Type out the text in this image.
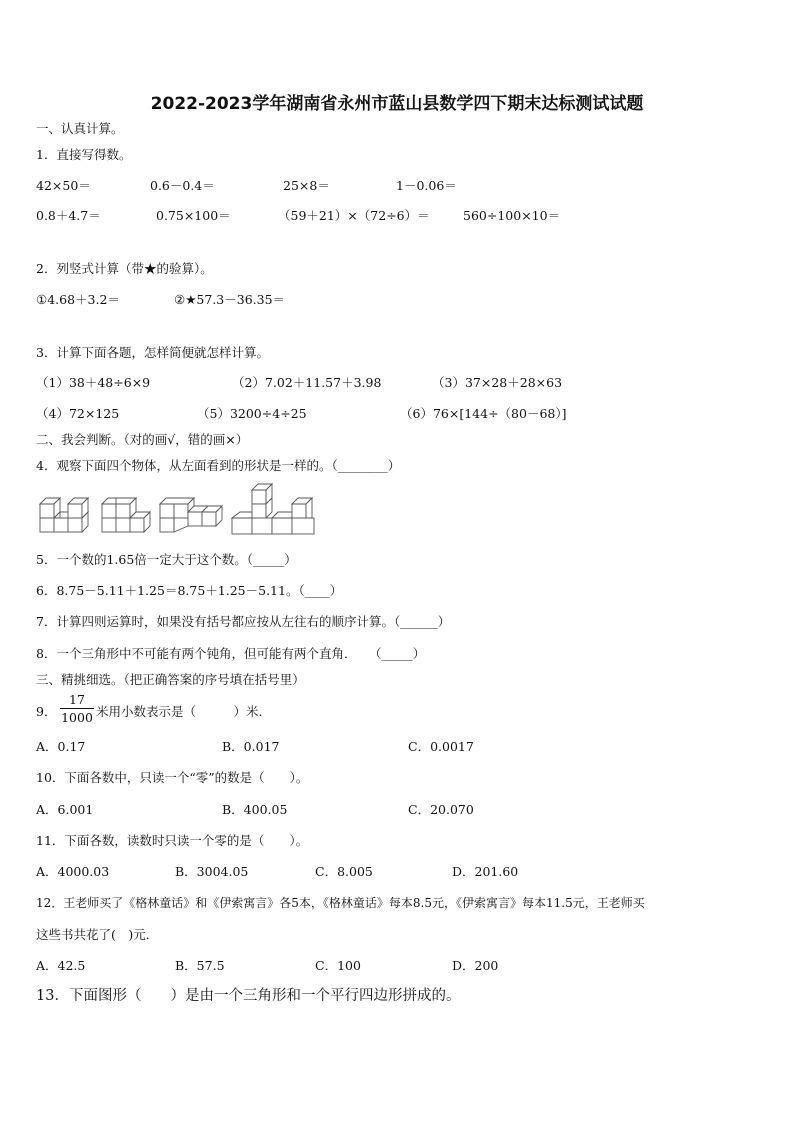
2022-2023学年湖南省永州市蓝山县数学四下期末达标测试试题
一、认真计算。
1．直接写得数。
42×50＝	0.6－0.4＝	25×8＝	1－0.06＝
0.8＋4.7＝	0.75×100＝	（59＋21）×（72÷6）＝	560÷100×10＝
2．列竖式计算（带★的验算）。
①4.68＋3.2＝	②★57.3－36.35＝
3．计算下面各题，怎样简便就怎样计算。
（1）38＋48÷6×9	（2）7.02＋11.57＋3.98	（3）37×28＋28×63
（4）72×125	（5）3200÷4÷25	（6）76×[144÷（80－68）]
二、我会判断。（对的画√，错的画×）
4．观察下面四个物体，从左面看到的形状是一样的。（________）
5．一个数的1.65倍一定大于这个数。（_____）
6．8.75－5.11＋1.25＝8.75＋1.25－5.11。（____）
7．计算四则运算时，如果没有括号都应按从左往右的顺序计算。（______）
8．一个三角形中不可能有两个钝角，但可能有两个直角．　　（_____）
三、精挑细选。（把正确答案的序号填在括号里）
9．
17
1000 米用小数表示是（　　　）米.
A．0.17	B．0.017	C．0.0017
10．下面各数中，只读一个“零”的数是（　　）。
A．6.001	B．400.05	C．20.070
11．下面各数，读数时只读一个零的是（　　）。
A．4000.03	B．3004.05	C．8.005	D．201.60
12．王老师买了《格林童话》和《伊索寓言》各5本，《格林童话》每本8.5元，《伊索寓言》每本11.5元，王老师买
这些书共花了(　)元．
A．42.5	B．57.5	C．100	D．200
13．下面图形（　　）是由一个三角形和一个平行四边形拼成的。
